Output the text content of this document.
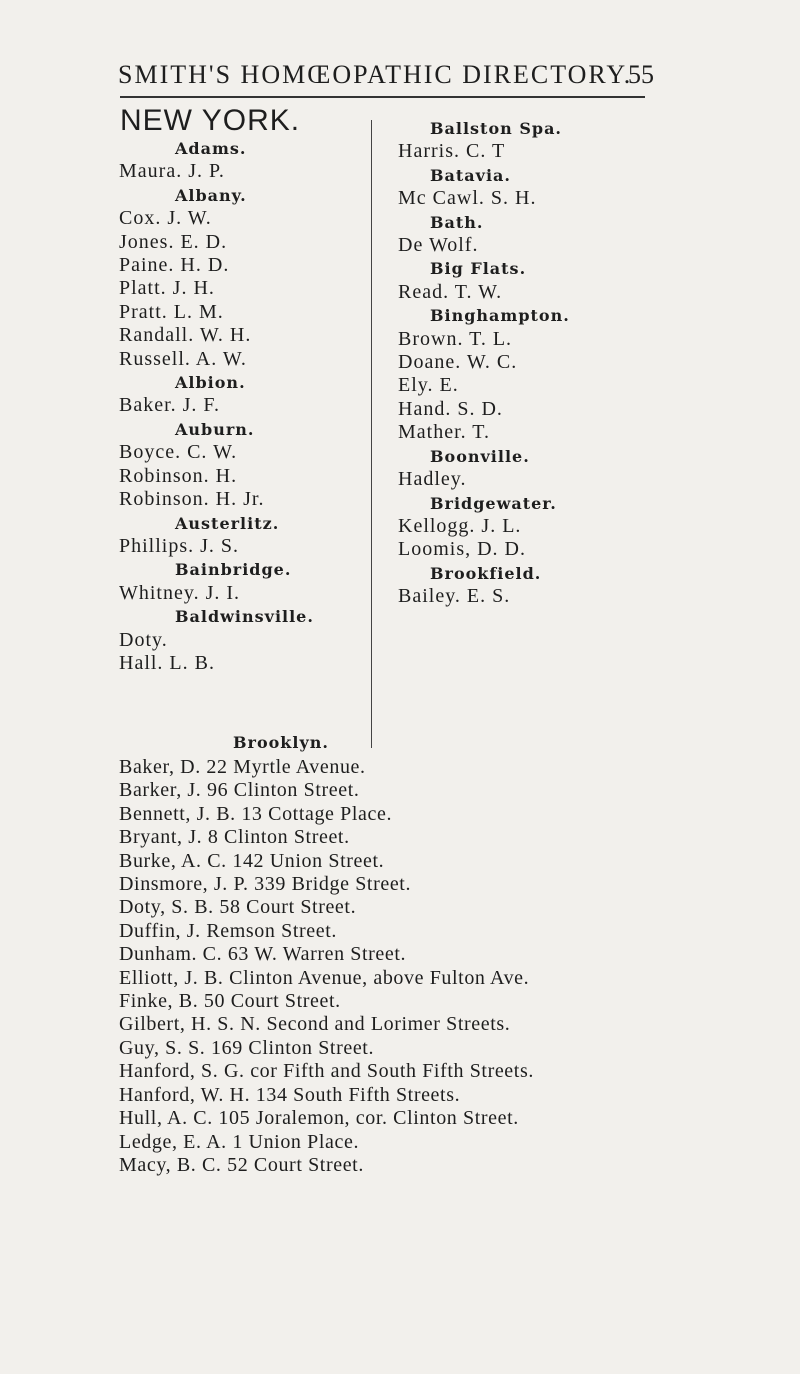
SMITH'S HOMŒOPATHIC DIRECTORY.
55
NEW YORK.
Adams.
Maura. J. P.
Albany.
Cox. J. W.
Jones. E. D.
Paine. H. D.
Platt. J. H.
Pratt. L. M.
Randall. W. H.
Russell. A. W.
Albion.
Baker. J. F.
Auburn.
Boyce. C. W.
Robinson. H.
Robinson. H. Jr.
Austerlitz.
Phillips. J. S.
Bainbridge.
Whitney. J. I.
Baldwinsville.
Doty.
Hall. L. B.
Ballston Spa.
Harris. C. T
Batavia.
Mc Cawl. S. H.
Bath.
De Wolf.
Big Flats.
Read. T. W.
Binghampton.
Brown. T. L.
Doane. W. C.
Ely. E.
Hand. S. D.
Mather. T.
Boonville.
Hadley.
Bridgewater.
Kellogg. J. L.
Loomis, D. D.
Brookfield.
Bailey. E. S.
Brooklyn.
Baker, D. 22 Myrtle Avenue.
Barker, J. 96 Clinton Street.
Bennett, J. B. 13 Cottage Place.
Bryant, J. 8 Clinton Street.
Burke, A. C. 142 Union Street.
Dinsmore, J. P. 339 Bridge Street.
Doty, S. B. 58 Court Street.
Duffin, J. Remson Street.
Dunham. C. 63 W. Warren Street.
Elliott, J. B. Clinton Avenue, above Fulton Ave.
Finke, B. 50 Court Street.
Gilbert, H. S. N. Second and Lorimer Streets.
Guy, S. S. 169 Clinton Street.
Hanford, S. G. cor Fifth and South Fifth Streets.
Hanford, W. H. 134 South Fifth Streets.
Hull, A. C. 105 Joralemon, cor. Clinton Street.
Ledge, E. A. 1 Union Place.
Macy, B. C. 52 Court Street.
